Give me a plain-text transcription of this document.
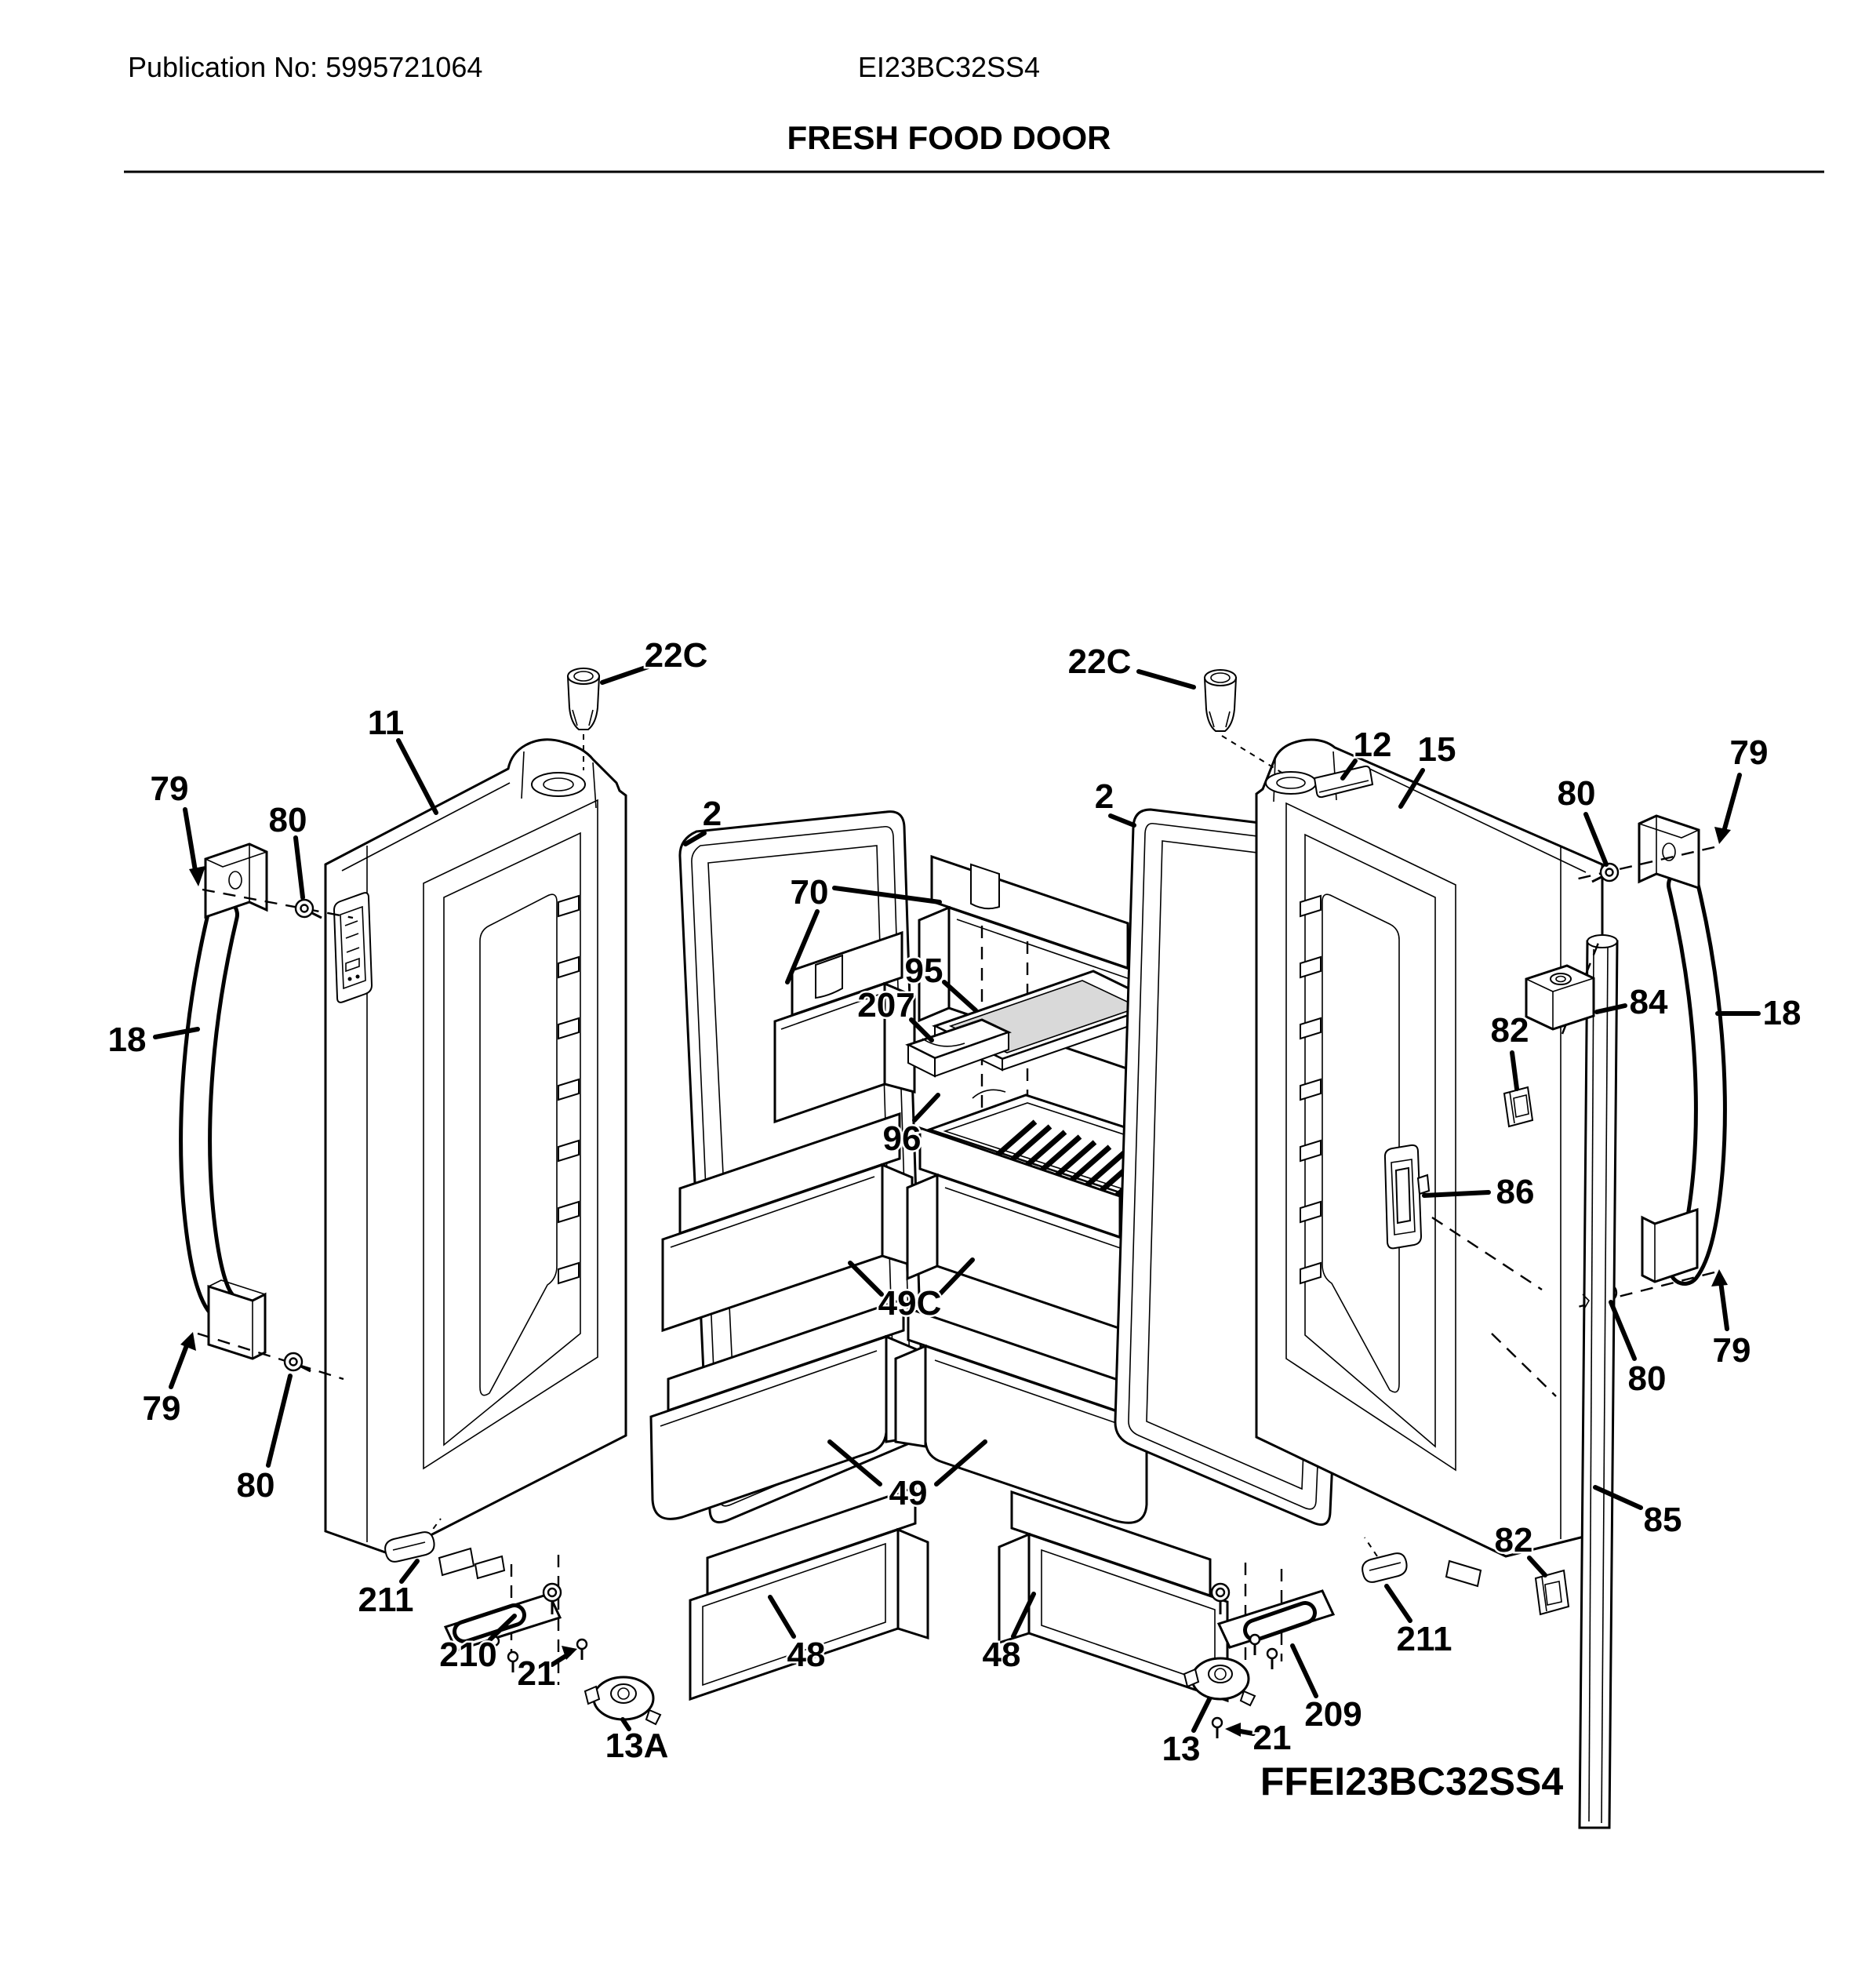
Publication No: 5995721064	EI23BC32SS4
FRESH FOOD DOOR
22C
11
2
79
80
18
79
80
211
210 21
13A
48
70
95
207
96
49C
49
48
22C
2
12 15
86
80
79
84
82	18
80
79
85
82
211
209
13 21
FFEI23BC32SS4
